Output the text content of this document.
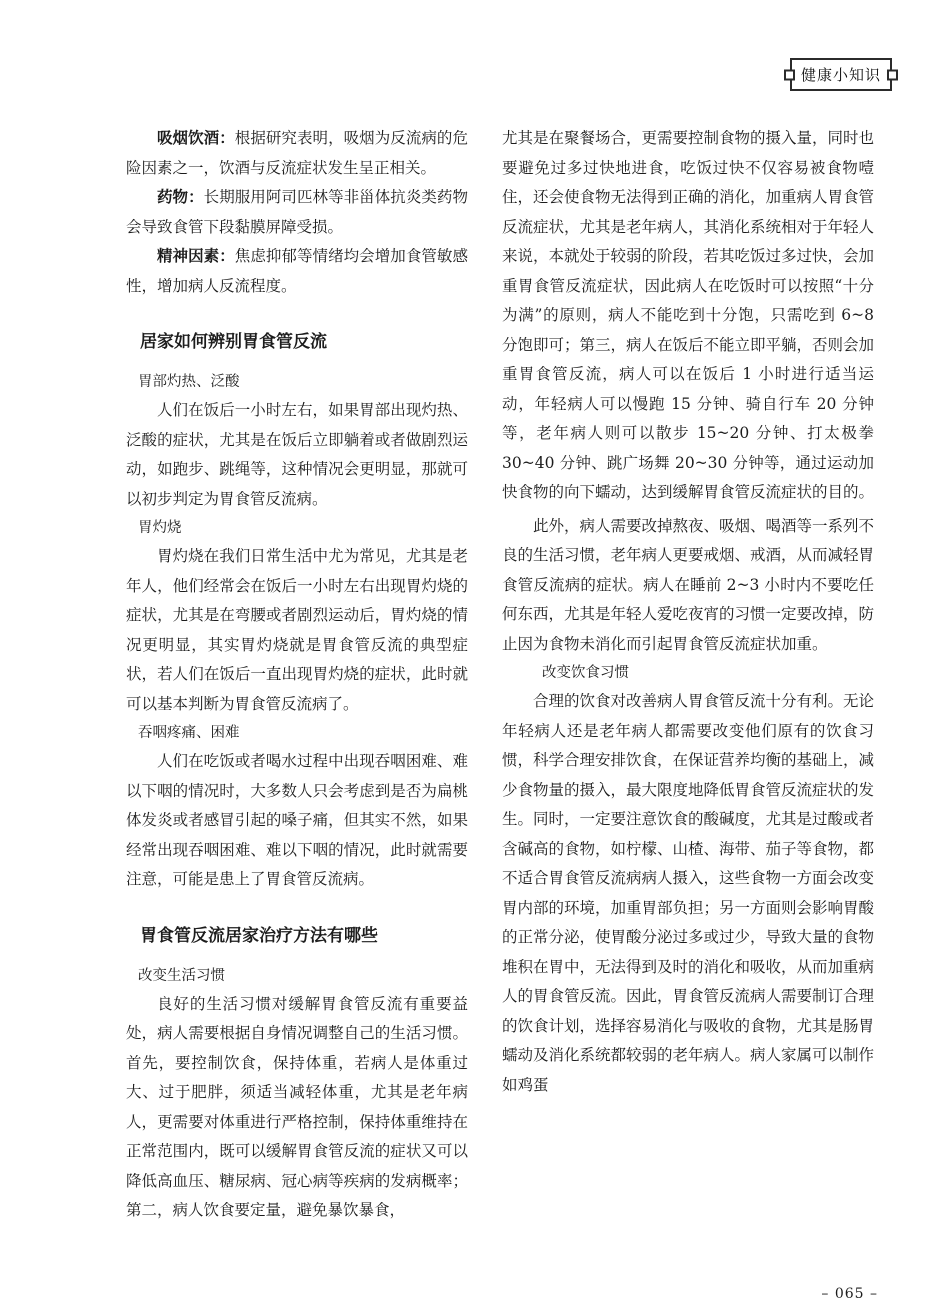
健康小知识

吸烟饮酒：根据研究表明，吸烟为反流病的危险因素之一，饮酒与反流症状发生呈正相关。

药物：长期服用阿司匹林等非甾体抗炎类药物会导致食管下段黏膜屏障受损。

精神因素：焦虑抑郁等情绪均会增加食管敏感性，增加病人反流程度。

居家如何辨别胃食管反流
胃部灼热、泛酸

人们在饭后一小时左右，如果胃部出现灼热、泛酸的症状，尤其是在饭后立即躺着或者做剧烈运动，如跑步、跳绳等，这种情况会更明显，那就可以初步判定为胃食管反流病。

胃灼烧

胃灼烧在我们日常生活中尤为常见，尤其是老年人，他们经常会在饭后一小时左右出现胃灼烧的症状，尤其是在弯腰或者剧烈运动后，胃灼烧的情况更明显，其实胃灼烧就是胃食管反流的典型症状，若人们在饭后一直出现胃灼烧的症状，此时就可以基本判断为胃食管反流病了。

吞咽疼痛、困难

人们在吃饭或者喝水过程中出现吞咽困难、难以下咽的情况时，大多数人只会考虑到是否为扁桃体发炎或者感冒引起的嗓子痛，但其实不然，如果经常出现吞咽困难、难以下咽的情况，此时就需要注意，可能是患上了胃食管反流病。

胃食管反流居家治疗方法有哪些
改变生活习惯

良好的生活习惯对缓解胃食管反流有重要益处，病人需要根据自身情况调整自己的生活习惯。首先，要控制饮食，保持体重，若病人是体重过大、过于肥胖，须适当减轻体重，尤其是老年病人，更需要对体重进行严格控制，保持体重维持在正常范围内，既可以缓解胃食管反流的症状又可以降低高血压、糖尿病、冠心病等疾病的发病概率；第二，病人饮食要定量，避免暴饮暴食，

尤其是在聚餐场合，更需要控制食物的摄入量，同时也要避免过多过快地进食，吃饭过快不仅容易被食物噎住，还会使食物无法得到正确的消化，加重病人胃食管反流症状，尤其是老年病人，其消化系统相对于年轻人来说，本就处于较弱的阶段，若其吃饭过多过快，会加重胃食管反流症状，因此病人在吃饭时可以按照“十分为满”的原则，病人不能吃到十分饱，只需吃到 6~8 分饱即可；第三，病人在饭后不能立即平躺，否则会加重胃食管反流，病人可以在饭后 1 小时进行适当运动，年轻病人可以慢跑 15 分钟、骑自行车 20 分钟等，老年病人则可以散步 15~20 分钟、打太极拳 30~40 分钟、跳广场舞 20~30 分钟等，通过运动加快食物的向下蠕动，达到缓解胃食管反流症状的目的。

此外，病人需要改掉熬夜、吸烟、喝酒等一系列不良的生活习惯，老年病人更要戒烟、戒酒，从而减轻胃食管反流病的症状。病人在睡前 2~3 小时内不要吃任何东西，尤其是年轻人爱吃夜宵的习惯一定要改掉，防止因为食物未消化而引起胃食管反流症状加重。

改变饮食习惯

合理的饮食对改善病人胃食管反流十分有利。无论年轻病人还是老年病人都需要改变他们原有的饮食习惯，科学合理安排饮食，在保证营养均衡的基础上，减少食物量的摄入，最大限度地降低胃食管反流症状的发生。同时，一定要注意饮食的酸碱度，尤其是过酸或者含碱高的食物，如柠檬、山楂、海带、茄子等食物，都不适合胃食管反流病病人摄入，这些食物一方面会改变胃内部的环境，加重胃部负担；另一方面则会影响胃酸的正常分泌，使胃酸分泌过多或过少，导致大量的食物堆积在胃中，无法得到及时的消化和吸收，从而加重病人的胃食管反流。因此，胃食管反流病人需要制订合理的饮食计划，选择容易消化与吸收的食物，尤其是肠胃蠕动及消化系统都较弱的老年病人。病人家属可以制作如鸡蛋

– 065 –
